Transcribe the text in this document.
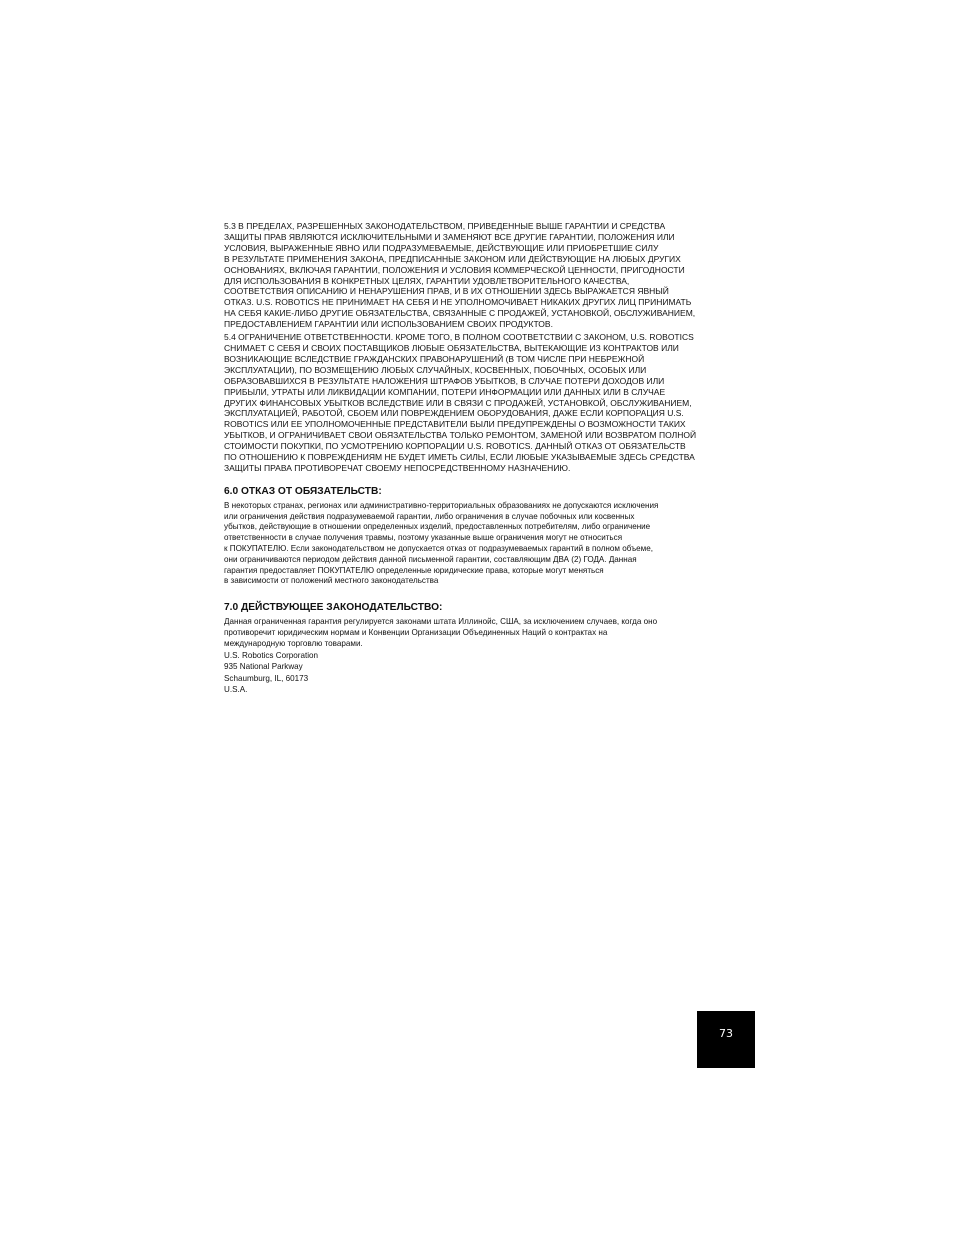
5.3 В ПРЕДЕЛАХ, РАЗРЕШЕННЫХ ЗАКОНОДАТЕЛЬСТВОМ, ПРИВЕДЕННЫЕ ВЫШЕ ГАРАНТИИ И СРЕДСТВА
ЗАЩИТЫ ПРАВ ЯВЛЯЮТСЯ ИСКЛЮЧИТЕЛЬНЫМИ И ЗАМЕНЯЮТ ВСЕ ДРУГИЕ ГАРАНТИИ, ПОЛОЖЕНИЯ ИЛИ
УСЛОВИЯ, ВЫРАЖЕННЫЕ ЯВНО ИЛИ ПОДРАЗУМЕВАЕМЫЕ, ДЕЙСТВУЮЩИЕ ИЛИ ПРИОБРЕТШИЕ СИЛУ
В РЕЗУЛЬТАТЕ ПРИМЕНЕНИЯ ЗАКОНА, ПРЕДПИСАННЫЕ ЗАКОНОМ ИЛИ ДЕЙСТВУЮЩИЕ НА ЛЮБЫХ ДРУГИХ
ОСНОВАНИЯХ, ВКЛЮЧАЯ ГАРАНТИИ, ПОЛОЖЕНИЯ И УСЛОВИЯ КОММЕРЧЕСКОЙ ЦЕННОСТИ, ПРИГОДНОСТИ
ДЛЯ ИСПОЛЬЗОВАНИЯ В КОНКРЕТНЫХ ЦЕЛЯХ, ГАРАНТИИ УДОВЛЕТВОРИТЕЛЬНОГО КАЧЕСТВА,
СООТВЕТСТВИЯ ОПИСАНИЮ И НЕНАРУШЕНИЯ ПРАВ, И В ИХ ОТНОШЕНИИ ЗДЕСЬ ВЫРАЖАЕТСЯ ЯВНЫЙ
ОТКАЗ. U.S. ROBOTICS НЕ ПРИНИМАЕТ НА СЕБЯ И НЕ УПОЛНОМОЧИВАЕТ НИКАКИХ ДРУГИХ ЛИЦ ПРИНИМАТЬ
НА СЕБЯ КАКИЕ-ЛИБО ДРУГИЕ ОБЯЗАТЕЛЬСТВА, СВЯЗАННЫЕ С ПРОДАЖЕЙ, УСТАНОВКОЙ, ОБСЛУЖИВАНИЕМ,
ПРЕДОСТАВЛЕНИЕМ ГАРАНТИИ ИЛИ ИСПОЛЬЗОВАНИЕМ СВОИХ ПРОДУКТОВ.

5.4 ОГРАНИЧЕНИЕ ОТВЕТСТВЕННОСТИ. КРОМЕ ТОГО, В ПОЛНОМ СООТВЕТСТВИИ С ЗАКОНОМ, U.S. ROBOTICS
СНИМАЕТ С СЕБЯ И СВОИХ ПОСТАВЩИКОВ ЛЮБЫЕ ОБЯЗАТЕЛЬСТВА, ВЫТЕКАЮЩИЕ ИЗ КОНТРАКТОВ ИЛИ
ВОЗНИКАЮЩИЕ ВСЛЕДСТВИЕ ГРАЖДАНСКИХ ПРАВОНАРУШЕНИЙ (В ТОМ ЧИСЛЕ ПРИ НЕБРЕЖНОЙ
ЭКСПЛУАТАЦИИ), ПО ВОЗМЕЩЕНИЮ ЛЮБЫХ СЛУЧАЙНЫХ, КОСВЕННЫХ, ПОБОЧНЫХ, ОСОБЫХ ИЛИ
ОБРАЗОВАВШИХСЯ В РЕЗУЛЬТАТЕ НАЛОЖЕНИЯ ШТРАФОВ УБЫТКОВ, В СЛУЧАЕ ПОТЕРИ ДОХОДОВ ИЛИ
ПРИБЫЛИ, УТРАТЫ ИЛИ ЛИКВИДАЦИИ КОМПАНИИ, ПОТЕРИ ИНФОРМАЦИИ ИЛИ ДАННЫХ ИЛИ В СЛУЧАЕ
ДРУГИХ ФИНАНСОВЫХ УБЫТКОВ ВСЛЕДСТВИЕ ИЛИ В СВЯЗИ С ПРОДАЖЕЙ, УСТАНОВКОЙ, ОБСЛУЖИВАНИЕМ,
ЭКСПЛУАТАЦИЕЙ, РАБОТОЙ, СБОЕМ ИЛИ ПОВРЕЖДЕНИЕМ ОБОРУДОВАНИЯ, ДАЖЕ ЕСЛИ КОРПОРАЦИЯ U.S.
ROBOTICS ИЛИ ЕЕ УПОЛНОМОЧЕННЫЕ ПРЕДСТАВИТЕЛИ БЫЛИ ПРЕДУПРЕЖДЕНЫ О ВОЗМОЖНОСТИ ТАКИХ
УБЫТКОВ, И ОГРАНИЧИВАЕТ СВОИ ОБЯЗАТЕЛЬСТВА ТОЛЬКО РЕМОНТОМ, ЗАМЕНОЙ ИЛИ ВОЗВРАТОМ ПОЛНОЙ
СТОИМОСТИ ПОКУПКИ, ПО УСМОТРЕНИЮ КОРПОРАЦИИ U.S. ROBOTICS. ДАННЫЙ ОТКАЗ ОТ ОБЯЗАТЕЛЬСТВ
ПО ОТНОШЕНИЮ К ПОВРЕЖДЕНИЯМ НЕ БУДЕТ ИМЕТЬ СИЛЫ, ЕСЛИ ЛЮБЫЕ УКАЗЫВАЕМЫЕ ЗДЕСЬ СРЕДСТВА
ЗАЩИТЫ ПРАВА ПРОТИВОРЕЧАТ СВОЕМУ НЕПОСРЕДСТВЕННОМУ НАЗНАЧЕНИЮ.

6.0 ОТКАЗ ОТ ОБЯЗАТЕЛЬСТВ:

В некоторых странах, регионах или административно-территориальных образованиях не допускаются исключения
или ограничения действия подразумеваемой гарантии, либо ограничения в случае побочных или косвенных
убытков, действующие в отношении определенных изделий, предоставленных потребителям, либо ограничение
ответственности в случае получения травмы, поэтому указанные выше ограничения могут не относиться
к ПОКУПАТЕЛЮ. Если законодательством не допускается отказ от подразумеваемых гарантий в полном объеме,
они ограничиваются периодом действия данной письменной гарантии, составляющим ДВА (2) ГОДА. Данная
гарантия предоставляет ПОКУПАТЕЛЮ определенные юридические права, которые могут меняться
в зависимости от положений местного законодательства

7.0 ДЕЙСТВУЮЩЕЕ ЗАКОНОДАТЕЛЬСТВО:

Данная ограниченная гарантия регулируется законами штата Иллинойс, США, за исключением случаев, когда оно
противоречит юридическим нормам и Конвенции Организации Объединенных Наций о контрактах на
международную торговлю товарами.

U.S. Robotics Corporation
935 National Parkway
Schaumburg, IL, 60173
U.S.A.
73
